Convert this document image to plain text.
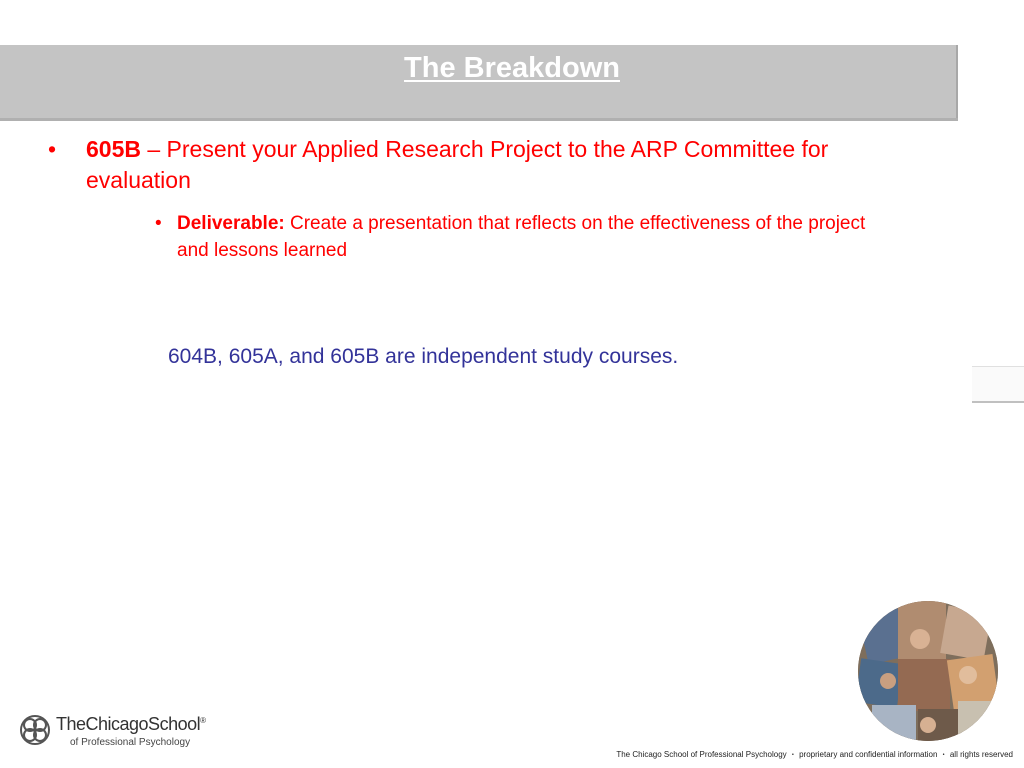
The Breakdown
• 605B – Present your Applied Research Project to the ARP Committee for evaluation
• Deliverable: Create a presentation that reflects on the effectiveness of the project and lessons learned
604B, 605A, and 605B are independent study courses.
TheChicagoSchool®
of Professional Psychology
The Chicago School of Professional Psychology ・ proprietary and confidential information ・ all rights reserved
